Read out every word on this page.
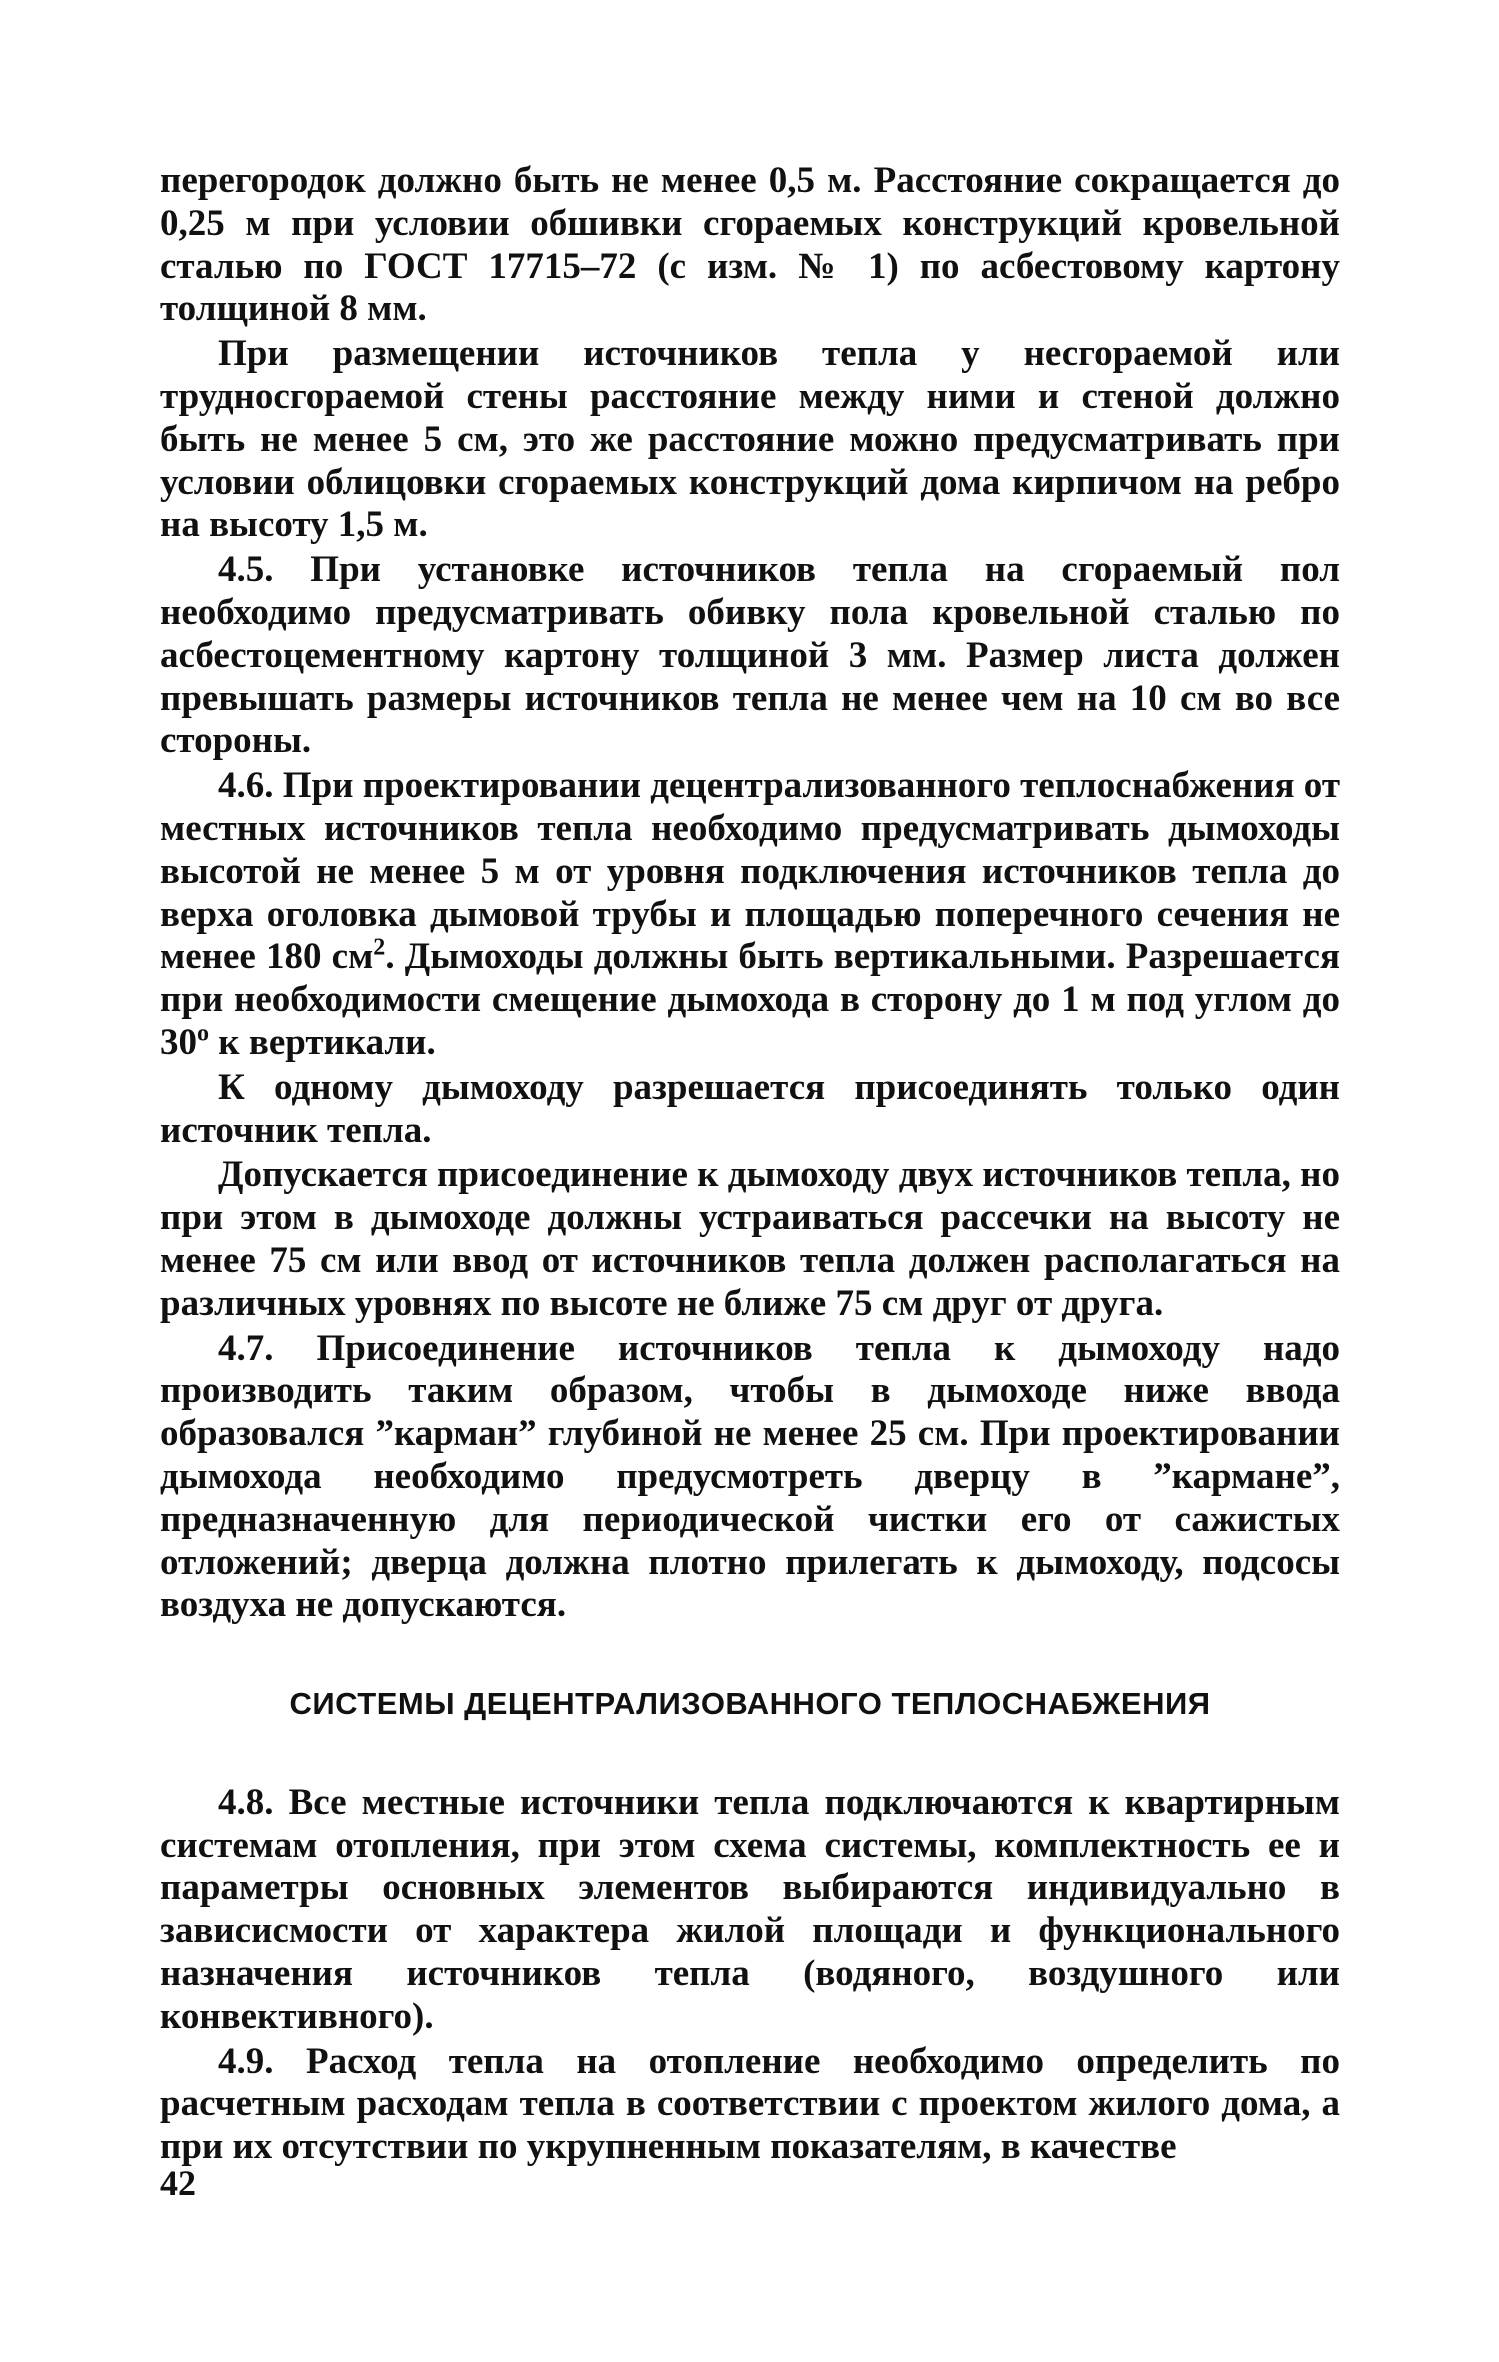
перегородок должно быть не менее 0,5 м. Расстояние сокращается до 0,25 м при условии обшивки сгораемых конструкций кровельной сталью по ГОСТ 17715–72 (с изм. № 1) по асбестовому картону толщиной 8 мм.

При размещении источников тепла у несгораемой или трудносгораемой стены расстояние между ними и стеной должно быть не менее 5 см, это же расстояние можно предусматривать при условии облицовки сгораемых конструкций дома кирпичом на ребро на высоту 1,5 м.

4.5. При установке источников тепла на сгораемый пол необходимо предусматривать обивку пола кровельной сталью по асбестоцементному картону толщиной 3 мм. Размер листа должен превышать размеры источников тепла не менее чем на 10 см во все стороны.

4.6. При проектировании децентрализованного теплоснабжения от местных источников тепла необходимо предусматривать дымоходы высотой не менее 5 м от уровня подключения источников тепла до верха оголовка дымовой трубы и площадью поперечного сечения не менее 180 $см^2$. Дымоходы должны быть вертикальными. Разрешается при необходимости смещение дымохода в сторону до 1 м под углом до $30^о$ к вертикали.

К одному дымоходу разрешается присоединять только один источник тепла.

Допускается присоединение к дымоходу двух источников тепла, но при этом в дымоходе должны устраиваться рассечки на высоту не менее 75 см или ввод от источников тепла должен располагаться на различных уровнях по высоте не ближе 75 см друг от друга.

4.7. Присоединение источников тепла к дымоходу надо производить таким образом, чтобы в дымоходе ниже ввода образовался ”карман” глубиной не менее 25 см. При проектировании дымохода необходимо предусмотреть дверцу в ”кармане”, предназначенную для периодической чистки его от сажистых отложений; дверца должна плотно прилегать к дымоходу, подсосы воздуха не допускаются.

СИСТЕМЫ ДЕЦЕНТРАЛИЗОВАННОГО ТЕПЛОСНАБЖЕНИЯ

4.8. Все местные источники тепла подключаются к квартирным системам отопления, при этом схема системы, комплектность ее и параметры основных элементов выбираются индивидуально в зависисмости от характера жилой площади и функционального назначения источников тепла (водяного, воздушного или конвективного).

4.9. Расход тепла на отопление необходимо определить по расчетным расходам тепла в соответствии с проектом жилого дома, а при их отсутствии по укрупненным показателям, в качестве

42
